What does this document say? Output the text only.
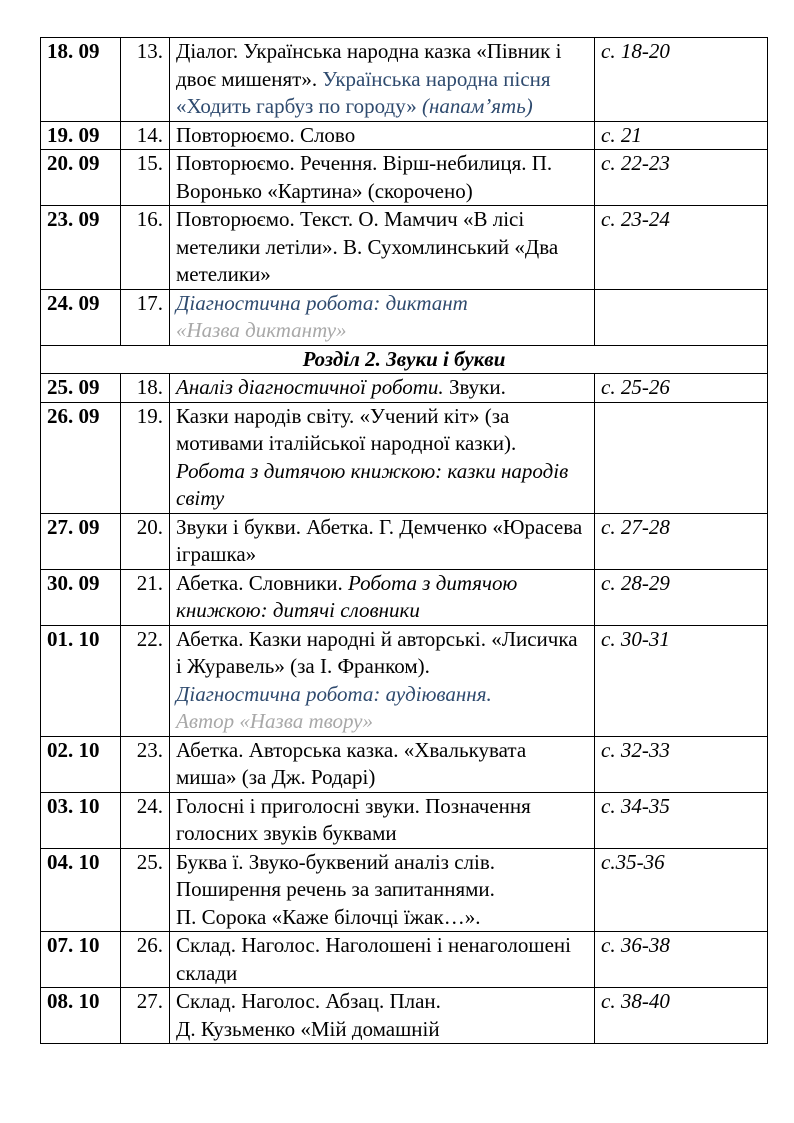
18. 09	13.	Діалог. Українська народна казка «Півник і двоє мишенят». Українська народна пісня «Ходить гарбуз по городу» (напам’ять)	с. 18-20
19. 09	14.	Повторюємо. Слово	с. 21
20. 09	15.	Повторюємо. Речення. Вірш-небилиця. П. Воронько «Картина» (скорочено)	с. 22-23
23. 09	16.	Повторюємо. Текст. О. Мамчич «В лісі метелики летіли». В. Сухомлинський «Два метелики»	с. 23-24
24. 09	17.	Діагностична робота: диктант
«Назва диктанту»	
Розділ 2. Звуки і букви			
25. 09	18.	Аналіз діагностичної роботи. Звуки.	с. 25-26
26. 09	19.	Казки народів світу. «Учений кіт» (за мотивами італійської народної казки).
Робота з дитячою книжкою: казки народів світу	
27. 09	20.	Звуки і букви. Абетка. Г. Демченко «Юрасева іграшка»	с. 27-28
30. 09	21.	Абетка. Словники. Робота з дитячою книжкою: дитячі словники	с. 28-29
01. 10	22.	Абетка. Казки народні й авторські. «Лисичка і Журавель» (за І. Франком).
Діагностична робота: аудіювання.
Автор «Назва твору»	с. 30-31
02. 10	23.	Абетка. Авторська казка. «Хвалькувата миша» (за Дж. Родарі)	с. 32-33
03. 10	24.	Голосні і приголосні звуки. Позначення голосних звуків буквами	с. 34-35
04. 10	25.	Буква ї. Звуко-буквений аналіз слів. Поширення речень за запитаннями.
П. Сорока «Каже білочці їжак…».	с.35-36
07. 10	26.	Склад. Наголос. Наголошені і ненаголошені склади	с. 36-38
08. 10	27.	Склад. Наголос. Абзац. План.
Д. Кузьменко «Мій домашній	с. 38-40
